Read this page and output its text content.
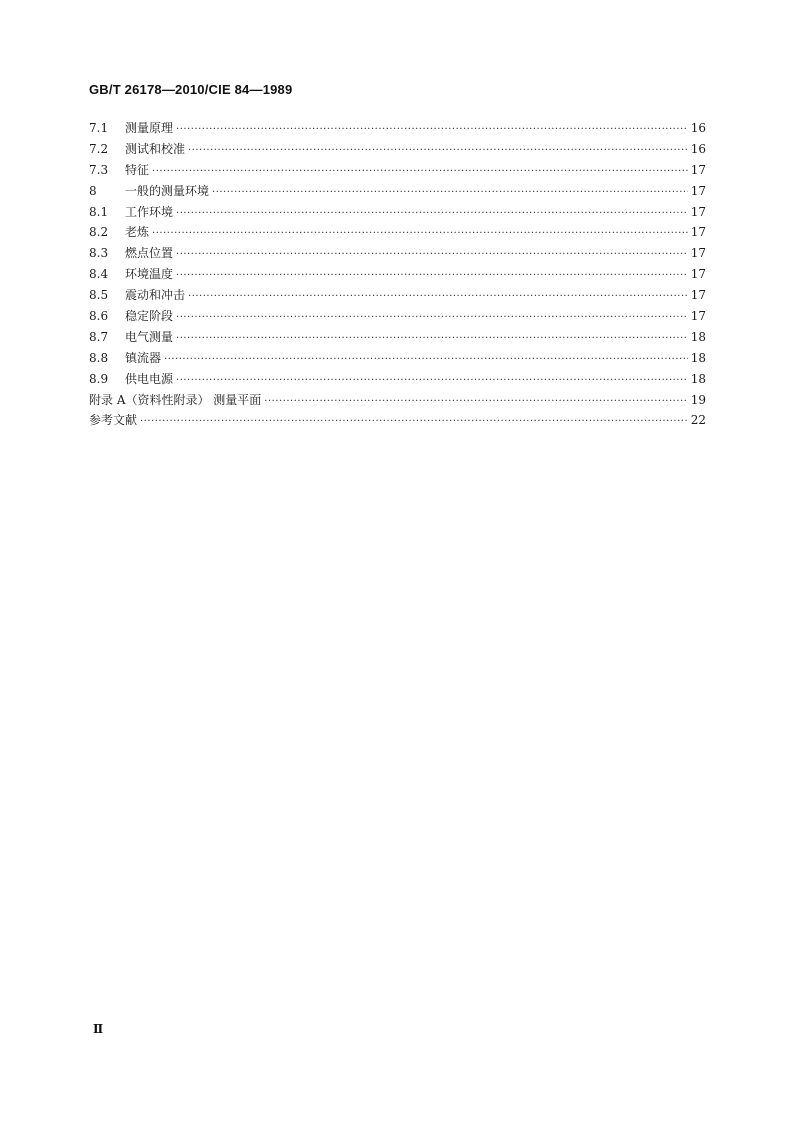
GB/T 26178—2010/CIE 84—1989
7.1	测量原理 ·····	16
7.2	测试和校准 ·····	16
7.3	特征 ·····	17
8	一般的测量环境 ·····	17
8.1	工作环境 ·····	17
8.2	老炼 ·····	17
8.3	燃点位置 ·····	17
8.4	环境温度 ·····	17
8.5	震动和冲击 ·····	17
8.6	稳定阶段 ·····	17
8.7	电气测量 ·····	18
8.8	镇流器 ·····	18
8.9	供电电源 ·····	18
附录 A（资料性附录） 测量平面 ·····	19
参考文献 ·····	22
Ⅱ
